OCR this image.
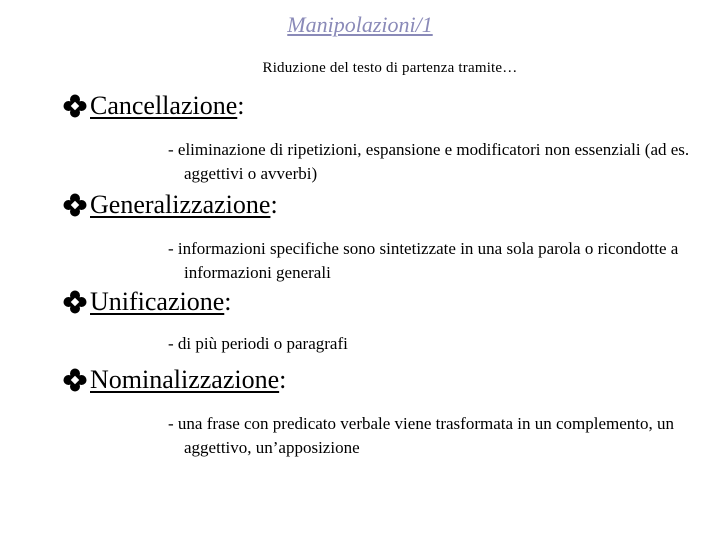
Manipolazioni/1
Riduzione del testo di partenza tramite…
Cancellazione :
- eliminazione di ripetizioni, espansione e modificatori non essenziali (ad es. aggettivi o avverbi)
Generalizzazione :
- informazioni specifiche sono sintetizzate in una sola parola o ricondotte a informazioni generali
Unificazione :
- di più periodi o paragrafi
Nominalizzazione :
- una frase con predicato verbale viene trasformata in un complemento, un aggettivo, un’apposizione
